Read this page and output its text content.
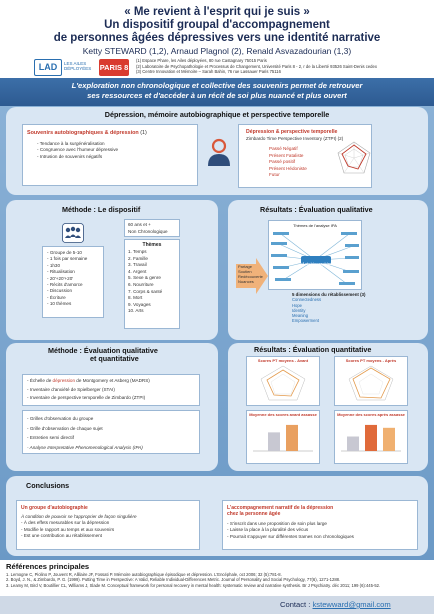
« Me revient à l'esprit qui je suis »
Un dispositif groupal d'accompagnement
de personnes âgées dépressives vers une identité narrative
Ketty STEWARD (1,2), Arnaud Plagnol (2), Renald Asvazadourian (1,3)
LAD	LES AILES DÉPLOYÉES	PARIS 8
(1) Espace Phare, les Ailes déployées, 80 rue Castagnary 75015 Paris
(2) Laboratoire de Psychopathologie et Processus de Changement, Université Paris 8 - 2, r de la Liberté 93526 Saint-Denis cedex
(3) Centre Innovation et Mémoire – Sarah Bahin, 76 rue Lassauer Paris 75116
L'exploration non chronologique et collective des souvenirs permet de retrouver
ses ressources et d'accéder à un récit de soi plus nuancé et plus ouvert
Dépression, mémoire autobiographique et perspective temporelle
Souvenirs autobiographiques & dépression (1)
- Tendance à la surgénéralisation
- Congruence avec l'humeur dépressive
- Intrusion de souvenirs négatifs
Dépression & perspective temporelle
Zimbardo Time Perspective Inventory (ZTPI) (2)
Passé Négatif
Présent Fataliste
Passé positif
Présent Hédoniste
Futur
Méthode : Le dispositif
- Groupe de 5-10
- 1 fois par semaine
- 1h30
- Ritualisation
- 20'+20'+20'
- Récits d'amorce
- Discussion
- Écriture
- 10 thèmes
60 ans et +
Non Chronologique
Thèmes
1. Temps
2. Famille
3. Travail
4. Argent
5. Sexe & genre
6. Nourriture
7. Corps & santé
8. Mort
9. Voyages
10. Arts
Résultats : Évaluation qualitative
Partage
Soutien
Redécouverte
Nuances
Thèmes de l'analyse IPA
Autobiographie
5 dimensions du rétablissement (3)
Connectedness
Hope
Identity
Meaning
Empowerment
Méthode : Évaluation qualitative
et quantitative
- Échelle de dépression de Montgomery et Asberg (MADRS)
- Inventaire d'anxiété de Spielberger (STAI)
- Inventaire de perspective temporelle de Zimbardo (ZTPI)
- Grilles d'observation du groupe
- Grille d'observation de chaque sujet
- Entretien semi directif
- Analyse Interpretative Phenomenological Analysis (IPA)
Résultats : Évaluation quantitative
Scores PT moyens - Avant	Scores PT moyens - Après
Moyenne des scores avant assasse	Moyenne des scores après assasse
Conclusions
Un groupe d'autobiographie
À condition de pouvoir se l'approprier de façon singulière
- À des effets mesurables sur la dépression
- Modifie le rapport au temps et aux souvenirs
- Est une contribution au rétablissement
L'accompagnement narratif de la dépression
chez la personne âgée
- S'inscrit dans une proposition de soin plus large
- Laisse la place à la pluralité des vécus
- Pourrait s'appuyer sur différentes trames non chronologiques
Références principales
1. Lemogne C, Piolino P, Jouvent R, Allilaire JF, Fossati P. Mémoire autobiographique épisodique et dépression. L'Encéphale, oct 2006; 32 (5):781-8.
2. Boyd, J. N., & Zimbardo, P. G. (1999). Putting Time in Perspective: A Valid, Reliable Individual-Differences Metric. Journal of Personality and Social Psychology, 77(6), 1271-1288.
3. Leamy M, Bird V, Boutillier CL, Williams J, Slade M. Conceptual framework for personal recovery in mental health: systematic review and narrative synthesis. Br J Psychiatry. déc 2011; 199 (6):445-52.
Contact : kstewward@gmail.com
